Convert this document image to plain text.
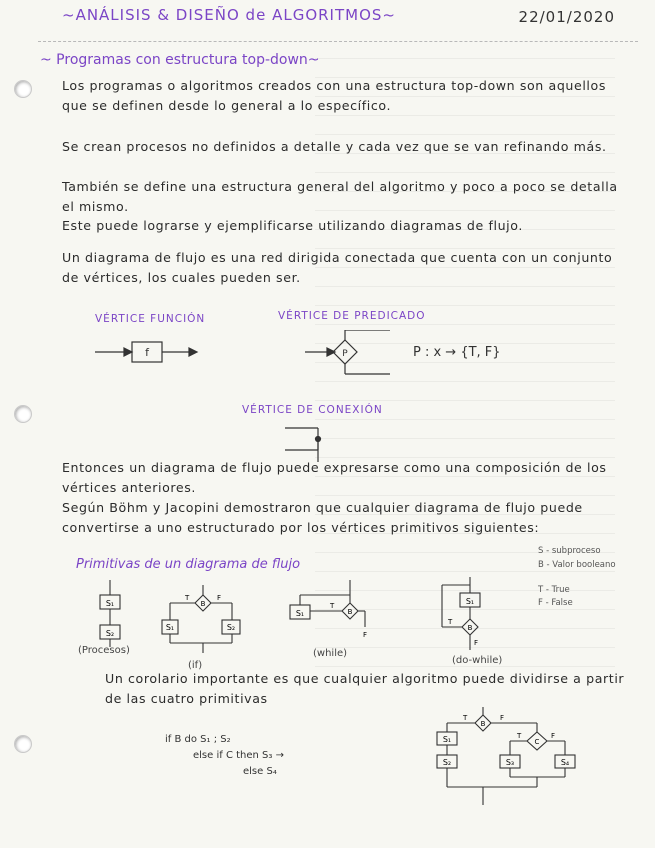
~ANÁLISIS & DISEÑO de ALGORITMOS~	22/01/2020
~ Programas con estructura top-down~
Los programas o algoritmos creados con una estructura top-down son aquellos que se definen desde lo general a lo específico.
Se crean procesos no definidos a detalle y cada vez que se van refinando más.
También se define una estructura general del algoritmo y poco a poco se detalla el mismo.
Este puede lograrse y ejemplificarse utilizando diagramas de flujo.
Un diagrama de flujo es una red dirigida conectada que cuenta con un conjunto de vértices, los cuales pueden ser.
VÉRTICE FUNCIÓN	VÉRTICE DE PREDICADO
f	P	P : x → {T, F}
VÉRTICE DE CONEXIÓN
Entonces un diagrama de flujo puede expresarse como una composición de los vértices anteriores.
Según Böhm y Jacopini demostraron que cualquier diagrama de flujo puede convertirse a uno estructurado por los vértices primitivos siguientes:
Primitivas de un diagrama de flujo
S - subproceso
B - Valor booleano
T - True
F - False
S₁
S₂
B
S₁	S₂
T	F
B
S₁
T
F
S₁
B
T
F
(Procesos)
(if)
(while)
(do-while)
Un corolario importante es que cualquier algoritmo puede dividirse a partir de las cuatro primitivas
if B do S₁ ; S₂
else if C then S₃ →
else S₄
B
C
S₁
S₂	S₃	S₄
T	F
T	F
